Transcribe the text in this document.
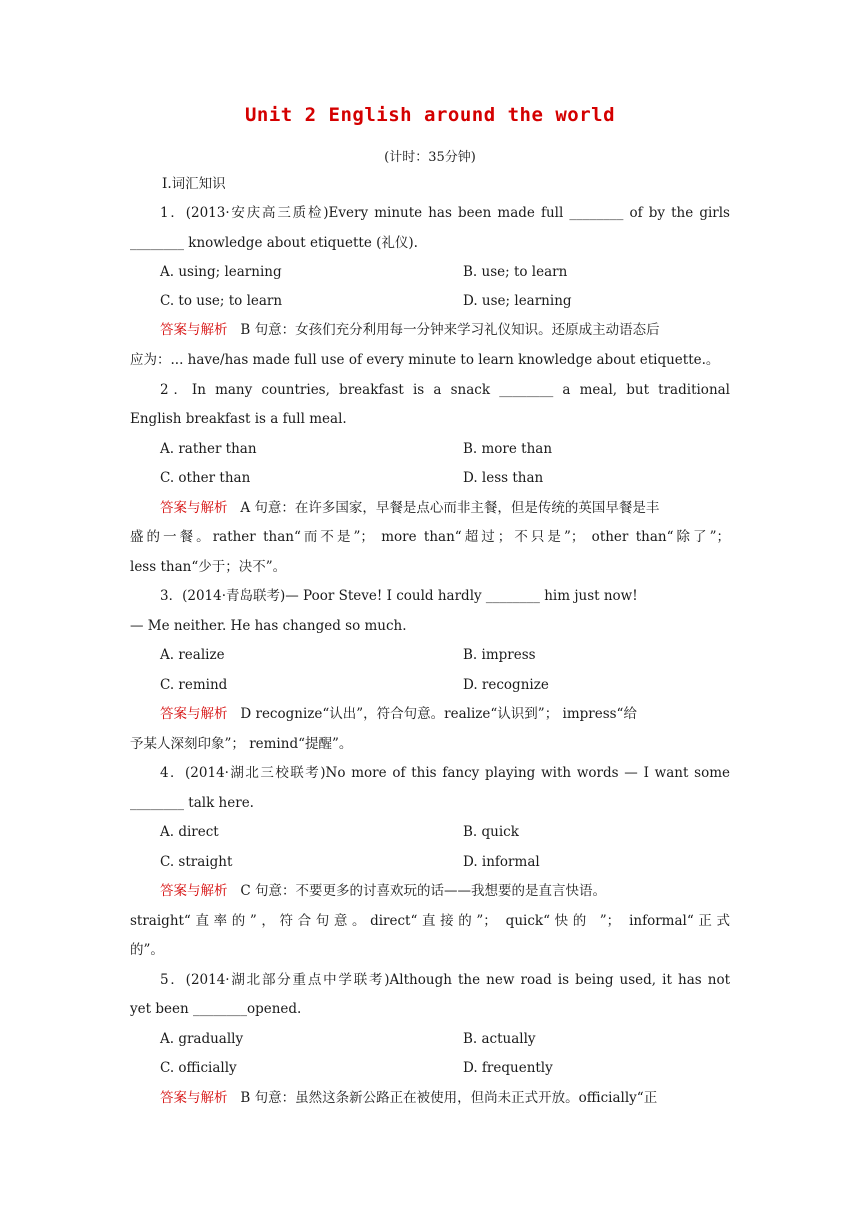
Unit 2 English around the world
(计时：35分钟)
Ⅰ.词汇知识
1．(2013·安庆高三质检)Every minute has been made full ________ of by the girls
________ knowledge about etiquette (礼仪).
A. using; learning	B. use; to learn
C. to use; to learn	D. use; learning
答案与解析 B 句意：女孩们充分利用每一分钟来学习礼仪知识。还原成主动语态后
应为：... have/has made full use of every minute to learn knowledge about etiquette.。
2．In many countries, breakfast is a snack ________ a meal, but traditional
English breakfast is a full meal.
A. rather than	B. more than
C. other than	D. less than
答案与解析 A 句意：在许多国家，早餐是点心而非主餐，但是传统的英国早餐是丰
盛的一餐。rather than“而不是”； more than“超过；不只是”； other than“除了”；
less than“少于；决不”。
3．(2014·青岛联考)— Poor Steve! I could hardly ________ him just now!
— Me neither. He has changed so much.
A. realize	B. impress
C. remind	D. recognize
答案与解析 D recognize“认出”，符合句意。realize“认识到”； impress“给
予某人深刻印象”； remind“提醒”。
4．(2014·湖北三校联考)No more of this fancy playing with words — I want some
________ talk here.
A. direct	B. quick
C. straight	D. informal
答案与解析 C 句意：不要更多的讨喜欢玩的话——我想要的是直言快语。
straight“直率的”，符合句意。direct“直接的”； quick“快的 ”； informal“正式
的”。
5．(2014·湖北部分重点中学联考)Although the new road is being used, it has not
yet been ________opened.
A. gradually	B. actually
C. officially	D. frequently
答案与解析 B 句意：虽然这条新公路正在被使用，但尚未正式开放。officially“正
